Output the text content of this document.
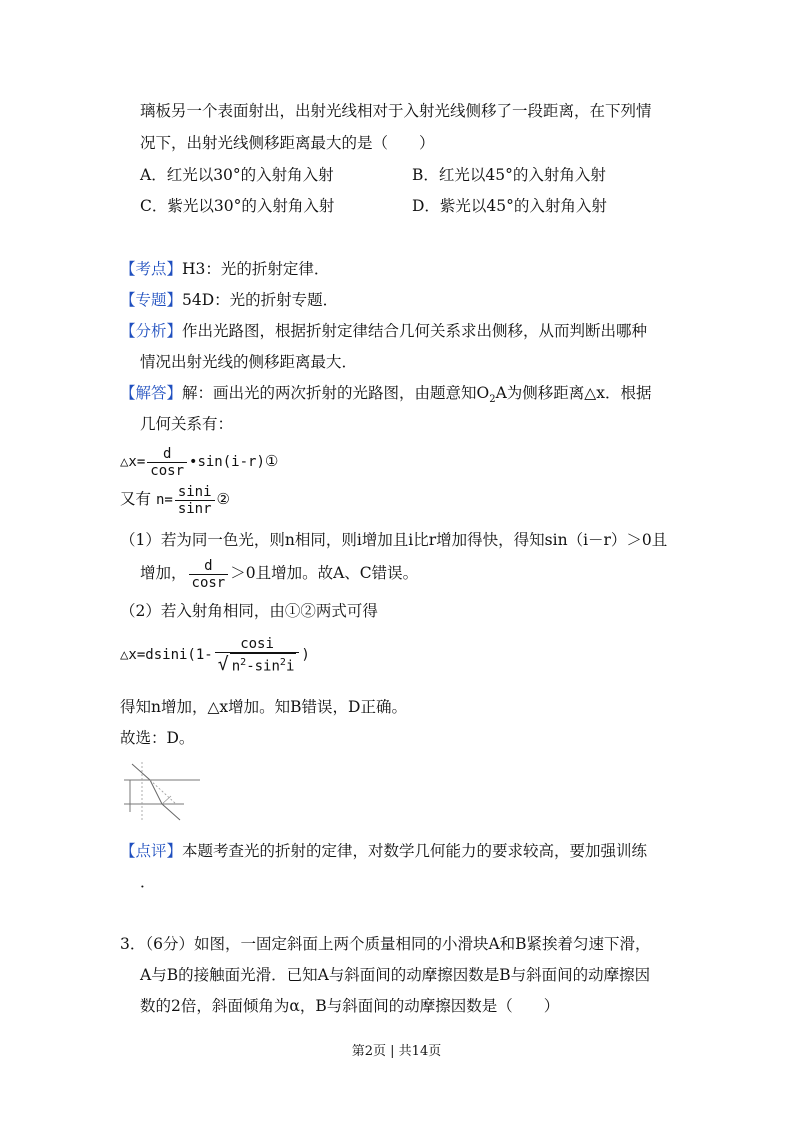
璃板另一个表面射出，出射光线相对于入射光线侧移了一段距离，在下列情
况下，出射光线侧移距离最大的是（　　）
A．红光以30°的入射角入射	B．红光以45°的入射角入射
C．紫光以30°的入射角入射	D．紫光以45°的入射角入射
【考点】H3：光的折射定律．
【专题】54D：光的折射专题．
【分析】作出光路图，根据折射定律结合几何关系求出侧移，从而判断出哪种
情况出射光线的侧移距离最大．
【解答】解：画出光的两次折射的光路图，由题意知$O_2A$为侧移距离△x．根据
几何关系有：
△x= $\frac{d}{\cos r}$ •sin(i-r)①
又有 $n= \frac{\sin i}{\sin r}$ ②
（1）若为同一色光，则n相同，则i增加且i比r增加得快，得知sin（i－r）＞0且
增加， $\frac{d}{\cos r} >0$且增加。故A、C错误。
（2）若入射角相同，由①②两式可得
△x=dsini(1- $\frac{\cos i}{√ n^2-\sin^2i}$ )
得知n增加，△x增加。知B错误，D正确。
故选：D。
【点评】本题考查光的折射的定律，对数学几何能力的要求较高，要加强训练
．
3．（6分）如图，一固定斜面上两个质量相同的小滑块A和B紧挨着匀速下滑，
A与B的接触面光滑．已知A与斜面间的动摩擦因数是B与斜面间的动摩擦因
数的2倍，斜面倾角为α，B与斜面间的动摩擦因数是（　　）
第2页 | 共14页
